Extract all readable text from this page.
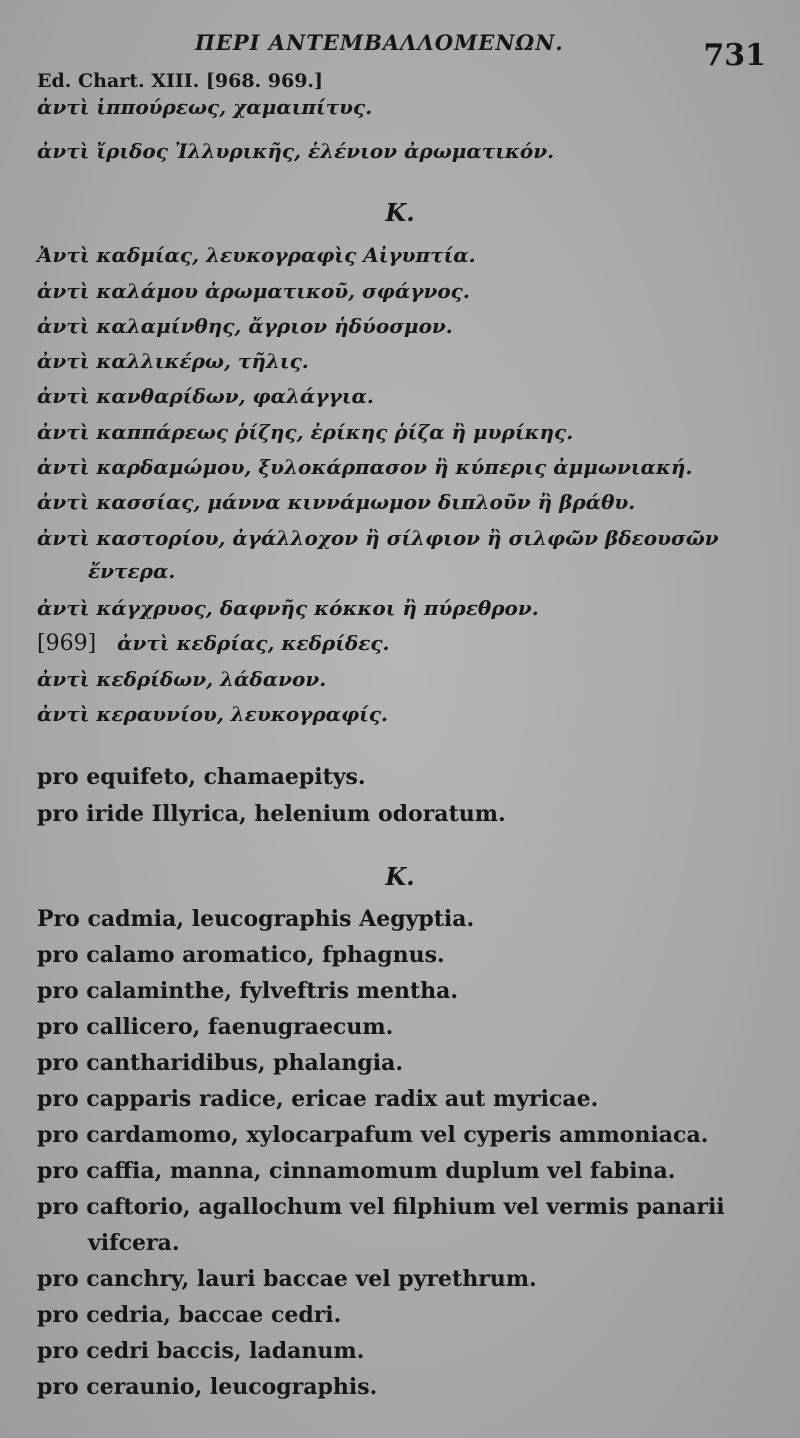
ΠΕΡΙ ΑΝΤΕΜΒΑΛΛΟΜΕΝΩΝ.	731
Ed. Chart. XIII. [968. 969.]
ἀντὶ ἱππούρεως, χαμαιπίτυς.
ἀντὶ ἴριδος Ἰλλυρικῆς, ἑλένιον ἀρωματικόν.
K.
Ἀντὶ καδμίας, λευκογραφὶς Αἰγυπτία.
ἀντὶ καλάμου ἀρωματικοῦ, σφάγνος.
ἀντὶ καλαμίνθης, ἄγριον ἡδύοσμον.
ἀντὶ καλλικέρω, τῆλις.
ἀντὶ κανθαρίδων, φαλάγγια.
ἀντὶ καππάρεως ῥίζης, ἐρίκης ῥίζα ἢ μυρίκης.
ἀντὶ καρδαμώμου, ξυλοκάρπασον ἢ κύπερις ἀμμωνιακή.
ἀντὶ κασσίας, μάννα κιννάμωμον διπλοῦν ἢ βράθυ.
ἀντὶ καστορίου, ἀγάλλοχον ἢ σίλφιον ἢ σιλφῶν βδεουσῶν
ἔντερα.
ἀντὶ κάγχρυος, δαφνῆς κόκκοι ἢ πύρεθρον.
[969] ἀντὶ κεδρίας, κεδρίδες.
ἀντὶ κεδρίδων, λάδανον.
ἀντὶ κεραυνίου, λευκογραφίς.
pro equifeto, chamaepitys.
pro iride Illyrica, helenium odoratum.
K.
Pro cadmia, leucographis Aegyptia.
pro calamo aromatico, fphagnus.
pro calaminthe, fylveftris mentha.
pro callicero, faenugraecum.
pro cantharidibus, phalangia.
pro capparis radice, ericae radix aut myricae.
pro cardamomo, xylocarpafum vel cyperis ammoniaca.
pro caffia, manna, cinnamomum duplum vel fabina.
pro caftorio, agallochum vel filphium vel vermis panarii
vifcera.
pro canchry, lauri baccae vel pyrethrum.
pro cedria, baccae cedri.
pro cedri baccis, ladanum.
pro ceraunio, leucographis.
